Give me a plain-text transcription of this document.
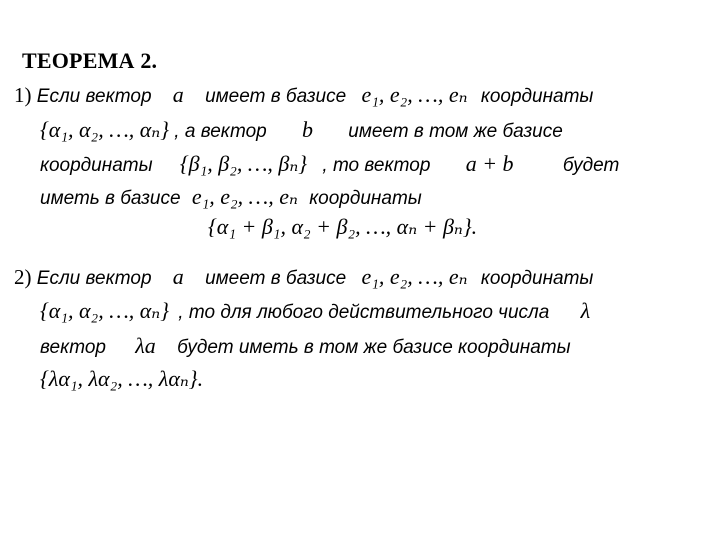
ТЕОРЕМА 2.
1) Если вектор a имеет в базисе e₁, e₂, …, eₙ координаты
{α₁, α₂, …, αₙ} , а вектор b имеет в том же базисе
координаты {β₁, β₂, …, βₙ} , то вектор a + b	будет
иметь в базисе e₁, e₂, …, eₙ координаты
{α₁ + β₁, α₂ + β₂, …, αₙ + βₙ}.
2) Если вектор a имеет в базисе e₁, e₂, …, eₙ координаты
{α₁, α₂, …, αₙ} , то для любого действительного числа λ
вектор λa будет иметь в том же базисе координаты
{λα₁, λα₂, …, λαₙ}.
